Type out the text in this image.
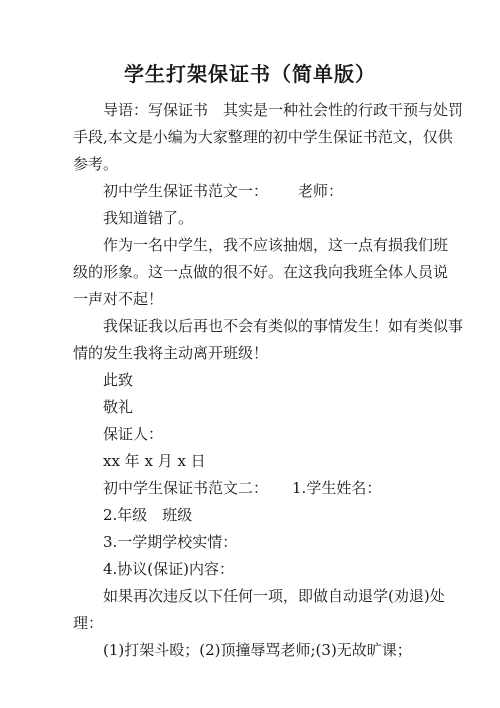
学生打架保证书（简单版）
导语：写保证书　其实是一种社会性的行政干预与处罚
手段,本文是小编为大家整理的初中学生保证书范文，仅供
参考。
初中学生保证书范文一： 老师：
我知道错了。
作为一名中学生，我不应该抽烟，这一点有损我们班
级的形象。这一点做的很不好。在这我向我班全体人员说
一声对不起！
我保证我以后再也不会有类似的事情发生！如有类似事
情的发生我将主动离开班级！
此致
敬礼
保证人：
xx 年 x 月 x 日
初中学生保证书范文二： 1.学生姓名：
2.年级　班级
3.一学期学校实情：
4.协议(保证)内容：
如果再次违反以下任何一项，即做自动退学(劝退)处
理：
(1)打架斗殴；(2)顶撞辱骂老师;(3)无故旷课；
